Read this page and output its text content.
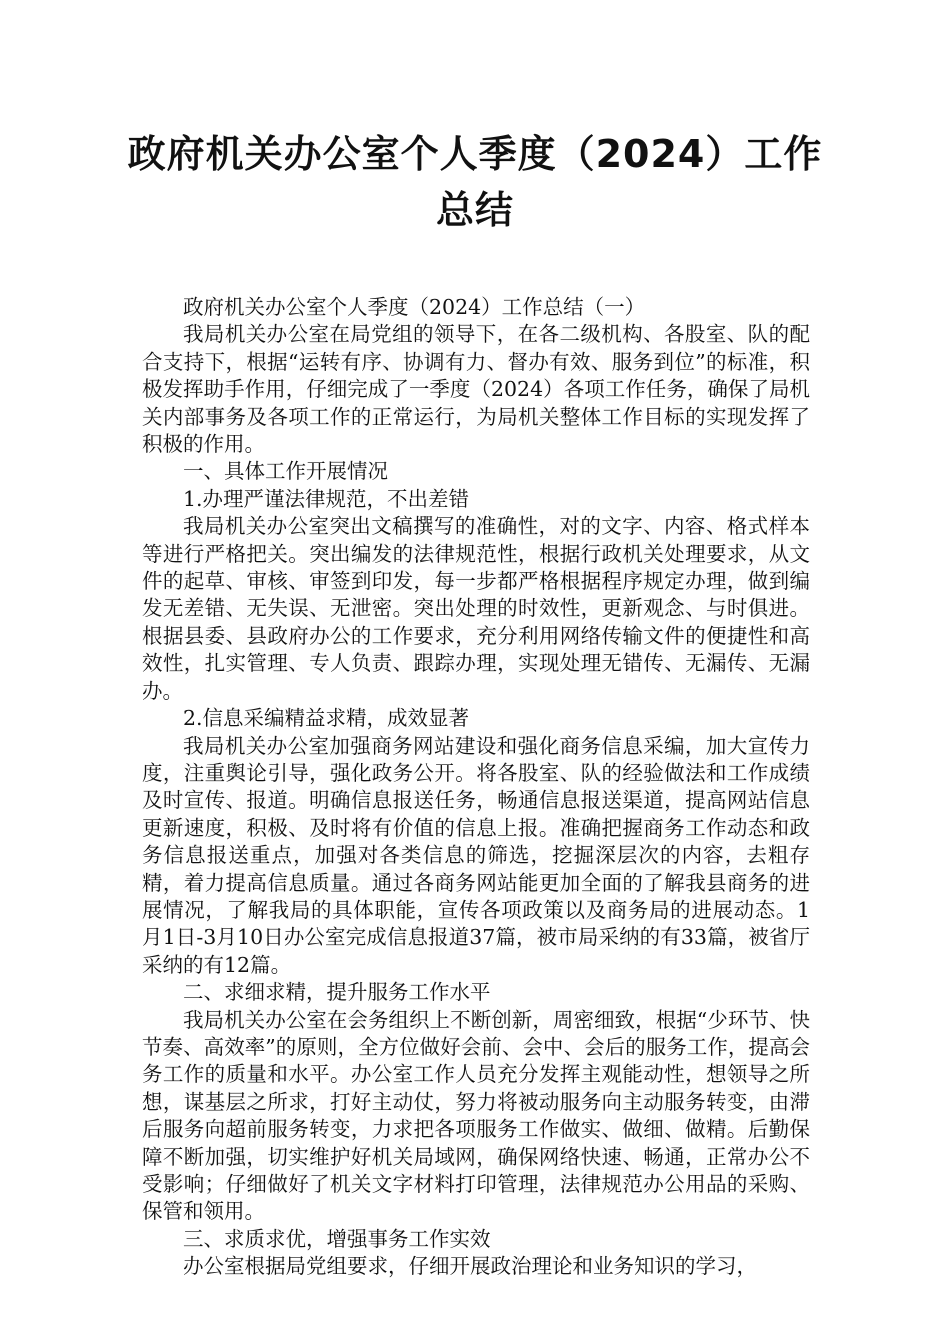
政府机关办公室个人季度（2024）工作总结

政府机关办公室个人季度（2024）工作总结（一）

我局机关办公室在局党组的领导下，在各二级机构、各股室、队的配合支持下，根据“运转有序、协调有力、督办有效、服务到位”的标准，积极发挥助手作用，仔细完成了一季度（2024）各项工作任务，确保了局机关内部事务及各项工作的正常运行，为局机关整体工作目标的实现发挥了积极的作用。

一、具体工作开展情况

1.办理严谨法律规范，不出差错

我局机关办公室突出文稿撰写的准确性，对的文字、内容、格式样本等进行严格把关。突出编发的法律规范性，根据行政机关处理要求，从文件的起草、审核、审签到印发，每一步都严格根据程序规定办理，做到编发无差错、无失误、无泄密。突出处理的时效性，更新观念、与时俱进。根据县委、县政府办公的工作要求，充分利用网络传输文件的便捷性和高效性，扎实管理、专人负责、跟踪办理，实现处理无错传、无漏传、无漏办。

2.信息采编精益求精，成效显著

我局机关办公室加强商务网站建设和强化商务信息采编，加大宣传力度，注重舆论引导，强化政务公开。将各股室、队的经验做法和工作成绩及时宣传、报道。明确信息报送任务，畅通信息报送渠道，提高网站信息更新速度，积极、及时将有价值的信息上报。准确把握商务工作动态和政务信息报送重点，加强对各类信息的筛选，挖掘深层次的内容，去粗存精，着力提高信息质量。通过各商务网站能更加全面的了解我县商务的进展情况，了解我局的具体职能，宣传各项政策以及商务局的进展动态。1月1日-3月10日办公室完成信息报道37篇，被市局采纳的有33篇，被省厅采纳的有12篇。

二、求细求精，提升服务工作水平

我局机关办公室在会务组织上不断创新，周密细致，根据“少环节、快节奏、高效率”的原则，全方位做好会前、会中、会后的服务工作，提高会务工作的质量和水平。办公室工作人员充分发挥主观能动性，想领导之所想，谋基层之所求，打好主动仗，努力将被动服务向主动服务转变，由滞后服务向超前服务转变，力求把各项服务工作做实、做细、做精。后勤保障不断加强，切实维护好机关局域网，确保网络快速、畅通，正常办公不受影响；仔细做好了机关文字材料打印管理，法律规范办公用品的采购、保管和领用。

三、求质求优，增强事务工作实效

办公室根据局党组要求，仔细开展政治理论和业务知识的学习，
